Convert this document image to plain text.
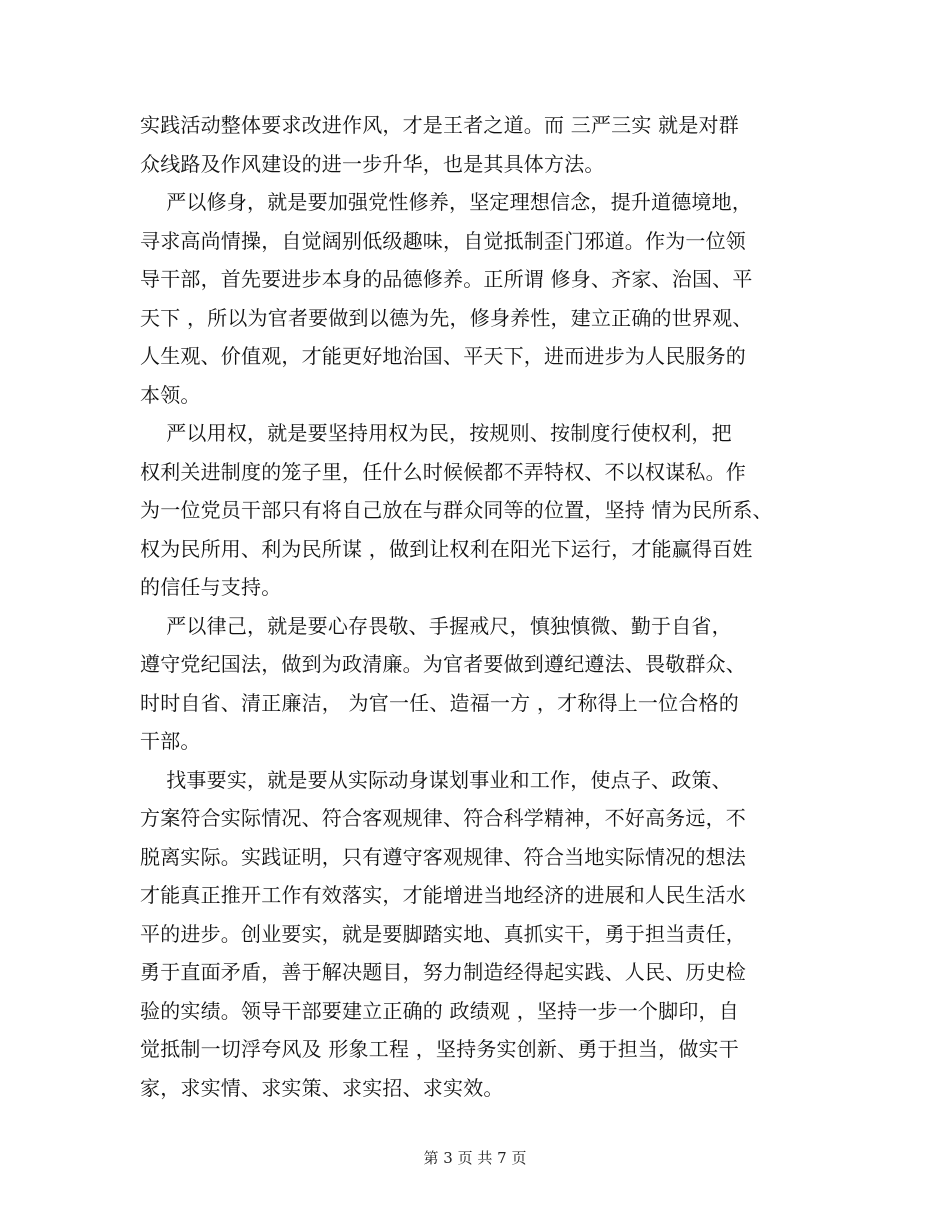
实践活动整体要求改进作风，才是王者之道。而 三严三实 就是对群
众线路及作风建设的进一步升华，也是其具体方法。
严以修身，就是要加强党性修养，坚定理想信念，提升道德境地，
寻求高尚情操，自觉阔别低级趣味，自觉抵制歪门邪道。作为一位领
导干部，首先要进步本身的品德修养。正所谓 修身、齐家、治国、平
天下 ，所以为官者要做到以德为先，修身养性，建立正确的世界观、
人生观、价值观，才能更好地治国、平天下，进而进步为人民服务的
本领。
严以用权，就是要坚持用权为民，按规则、按制度行使权利，把
权利关进制度的笼子里，任什么时候候都不弄特权、不以权谋私。作
为一位党员干部只有将自己放在与群众同等的位置，坚持 情为民所系、
权为民所用、利为民所谋 ，做到让权利在阳光下运行，才能赢得百姓
的信任与支持。
严以律己，就是要心存畏敬、手握戒尺，慎独慎微、勤于自省，
遵守党纪国法，做到为政清廉。为官者要做到遵纪遵法、畏敬群众、
时时自省、清正廉洁， 为官一任、造福一方 ，才称得上一位合格的
干部。
找事要实，就是要从实际动身谋划事业和工作，使点子、政策、
方案符合实际情况、符合客观规律、符合科学精神，不好高务远，不
脱离实际。实践证明，只有遵守客观规律、符合当地实际情况的想法
才能真正推开工作有效落实，才能增进当地经济的进展和人民生活水
平的进步。创业要实，就是要脚踏实地、真抓实干，勇于担当责任，
勇于直面矛盾，善于解决题目，努力制造经得起实践、人民、历史检
验的实绩。领导干部要建立正确的 政绩观 ，坚持一步一个脚印，自
觉抵制一切浮夸风及 形象工程 ，坚持务实创新、勇于担当，做实干
家，求实情、求实策、求实招、求实效。
第 3 页 共 7 页
